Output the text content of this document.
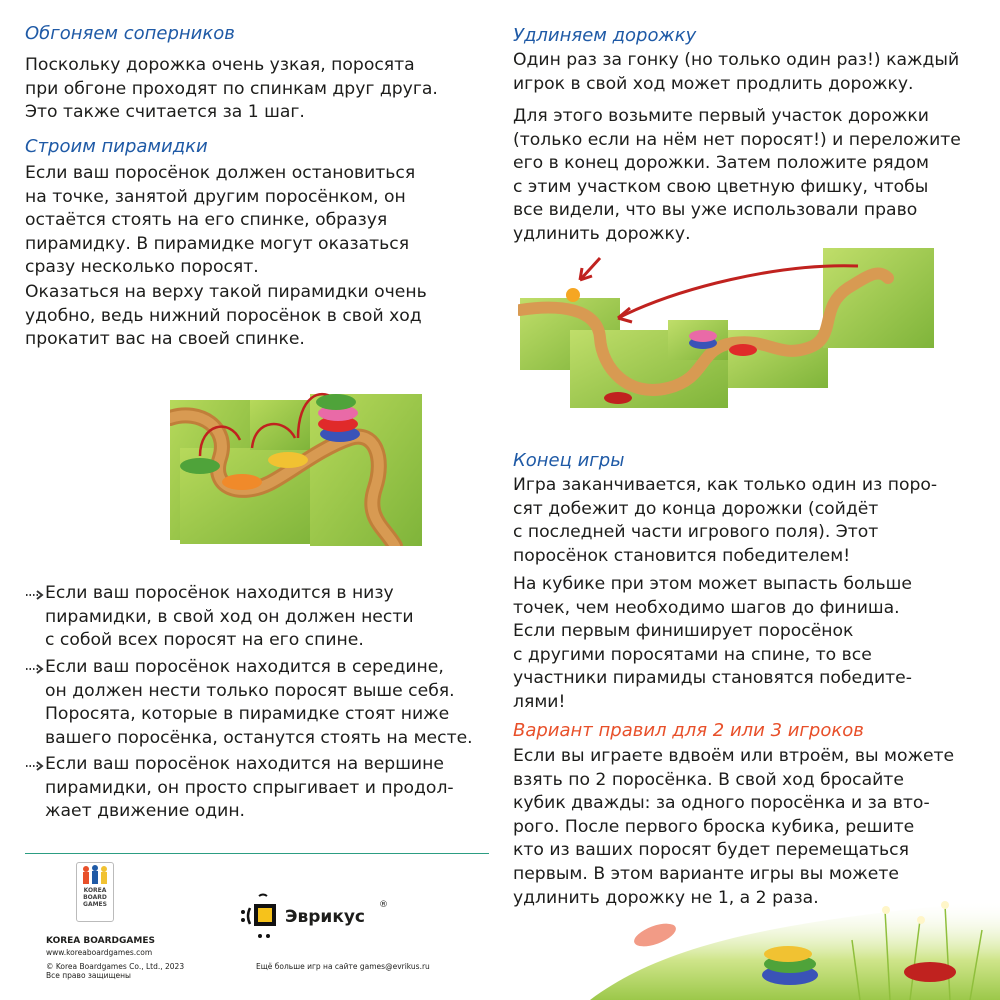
Обгоняем соперников
Поскольку дорожка очень узкая, поросята
при обгоне проходят по спинкам друг друга.
Это также считается за 1 шаг.
Строим пирамидки
Если ваш поросёнок должен остановиться
на точке, занятой другим поросёнком, он
остаётся стоять на его спинке, образуя
пирамидку. В пирамидке могут оказаться
сразу несколько поросят.
Оказаться на верху такой пирамидки очень
удобно, ведь нижний поросёнок в свой ход
прокатит вас на своей спинке.
Если ваш поросёнок находится в низу
пирамидки, в свой ход он должен нести
с собой всех поросят на его спине.
Если ваш поросёнок находится в середине,
он должен нести только поросят выше себя.
Поросята, которые в пирамидке стоят ниже
вашего поросёнка, останутся стоять на месте.
Если ваш поросёнок находится на вершине
пирамидки, он просто спрыгивает и продол-
жает движение один.
KOREA
BOARD
GAMES
KOREA BOARDGAMES
www.koreaboardgames.com
© Korea Boardgames Co., Ltd., 2023
Все право защищены
Эврикус
®
Ещё больше игр на сайте games@evrikus.ru
Удлиняем дорожку
Один раз за гонку (но только один раз!) каждый
игрок в свой ход может продлить дорожку.
Для этого возьмите первый участок дорожки
(только если на нём нет поросят!) и переложите
его в конец дорожки. Затем положите рядом
с этим участком свою цветную фишку, чтобы
все видели, что вы уже использовали право
удлинить дорожку.
Конец игры
Игра заканчивается, как только один из поро-
сят добежит до конца дорожки (сойдёт
с последней части игрового поля). Этот
поросёнок становится победителем!
На кубике при этом может выпасть больше
точек, чем необходимо шагов до финиша.
Если первым финиширует поросёнок
с другими поросятами на спине, то все
участники пирамиды становятся победите-
лями!
Вариант правил для 2 или 3 игроков
Если вы играете вдвоём или втроём, вы можете
взять по 2 поросёнка. В свой ход бросайте
кубик дважды: за одного поросёнка и за вто-
рого. После первого броска кубика, решите
кто из ваших поросят будет перемещаться
первым. В этом варианте игры вы можете
удлинить дорожку не 1, а 2 раза.
